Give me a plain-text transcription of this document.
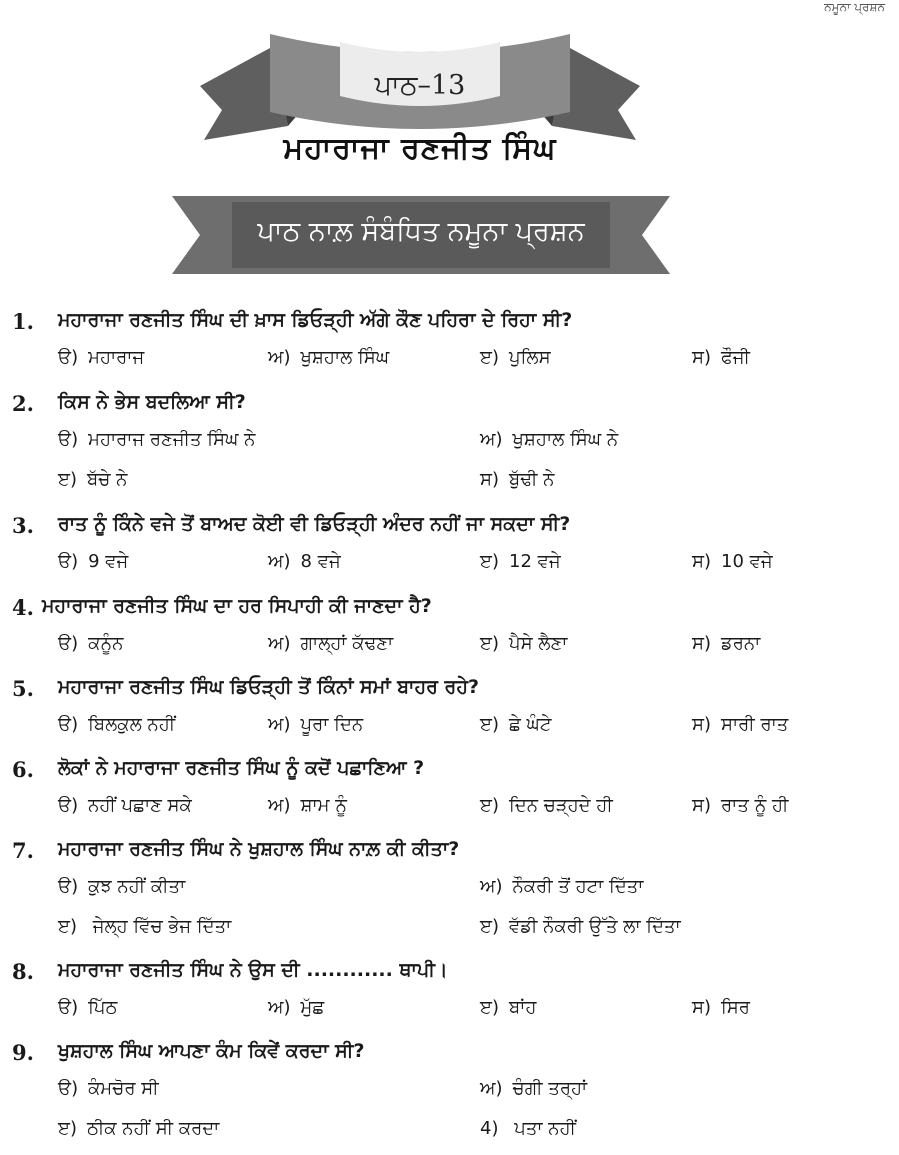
ਨਮੂਨਾ ਪ੍ਰਸ਼ਨ
ਪਾਠ–13
ਮਹਾਰਾਜਾ ਰਣਜੀਤ ਸਿੰਘ
ਪਾਠ ਨਾਲ਼ ਸੰਬੰਧਿਤ ਨਮੂਨਾ ਪ੍ਰਸ਼ਨ
1. ਮਹਾਰਾਜਾ ਰਣਜੀਤ ਸਿੰਘ ਦੀ ਖ਼ਾਸ ਡਿਓੜ੍ਹੀ ਅੱਗੇ ਕੌਣ ਪਹਿਰਾ ਦੇ ਰਿਹਾ ਸੀ?
ੳ) ਮਹਾਰਾਜ	ਅ) ਖੁਸ਼ਹਾਲ ਸਿੰਘ	ੲ) ਪੁਲਿਸ	ਸ) ਫੌਜੀ
2. ਕਿਸ ਨੇ ਭੇਸ ਬਦਲਿਆ ਸੀ?
ੳ) ਮਹਾਰਾਜ ਰਣਜੀਤ ਸਿੰਘ ਨੇ	ਅ) ਖੁਸ਼ਹਾਲ ਸਿੰਘ ਨੇ
ੲ) ਬੱਚੇ ਨੇ	ਸ) ਬੁੱਢੀ ਨੇ
3. ਰਾਤ ਨੂੰ ਕਿੰਨੇ ਵਜੇ ਤੋਂ ਬਾਅਦ ਕੋਈ ਵੀ ਡਿਓੜ੍ਹੀ ਅੰਦਰ ਨਹੀਂ ਜਾ ਸਕਦਾ ਸੀ?
ੳ) 9 ਵਜੇ	ਅ) 8 ਵਜੇ	ੲ) 12 ਵਜੇ	ਸ) 10 ਵਜੇ
4. ਮਹਾਰਾਜਾ ਰਣਜੀਤ ਸਿੰਘ ਦਾ ਹਰ ਸਿਪਾਹੀ ਕੀ ਜਾਣਦਾ ਹੈ?
ੳ) ਕਨੂੰਨ	ਅ) ਗਾਲ੍ਹਾਂ ਕੱਢਣਾ	ੲ) ਪੈਸੇ ਲੈਣਾ	ਸ) ਡਰਨਾ
5. ਮਹਾਰਾਜਾ ਰਣਜੀਤ ਸਿੰਘ ਡਿਓੜ੍ਹੀ ਤੋਂ ਕਿੰਨਾਂ ਸਮਾਂ ਬਾਹਰ ਰਹੇ?
ੳ) ਬਿਲਕੁਲ ਨਹੀਂ	ਅ) ਪੂਰਾ ਦਿਨ	ੲ) ਛੇ ਘੰਟੇ	ਸ) ਸਾਰੀ ਰਾਤ
6. ਲੋਕਾਂ ਨੇ ਮਹਾਰਾਜਾ ਰਣਜੀਤ ਸਿੰਘ ਨੂੰ ਕਦੋਂ ਪਛਾਣਿਆ ?
ੳ) ਨਹੀਂ ਪਛਾਣ ਸਕੇ	ਅ) ਸ਼ਾਮ ਨੂੰ	ੲ) ਦਿਨ ਚੜ੍ਹਦੇ ਹੀ	ਸ) ਰਾਤ ਨੂੰ ਹੀ
7. ਮਹਾਰਾਜਾ ਰਣਜੀਤ ਸਿੰਘ ਨੇ ਖੁਸ਼ਹਾਲ ਸਿੰਘ ਨਾਲ਼ ਕੀ ਕੀਤਾ?
ੳ) ਕੁਝ ਨਹੀਂ ਕੀਤਾ	ਅ) ਨੌਕਰੀ ਤੋਂ ਹਟਾ ਦਿੱਤਾ
ੲ) ਜੇਲ੍ਹ ਵਿੱਚ ਭੇਜ ਦਿੱਤਾ	ੲ) ਵੱਡੀ ਨੌਕਰੀ ਉੱਤੇ ਲਾ ਦਿੱਤਾ
8. ਮਹਾਰਾਜਾ ਰਣਜੀਤ ਸਿੰਘ ਨੇ ਉਸ ਦੀ ............ ਥਾਪੀ।
ੳ) ਪਿੱਠ	ਅ) ਮੁੱਛ	ੲ) ਬਾਂਹ	ਸ) ਸਿਰ
9. ਖੁਸ਼ਹਾਲ ਸਿੰਘ ਆਪਣਾ ਕੰਮ ਕਿਵੇਂ ਕਰਦਾ ਸੀ?
ੳ) ਕੰਮਚੋਰ ਸੀ	ਅ) ਚੰਗੀ ਤਰ੍ਹਾਂ
ੲ) ਠੀਕ ਨਹੀਂ ਸੀ ਕਰਦਾ	4) ਪਤਾ ਨਹੀਂ
